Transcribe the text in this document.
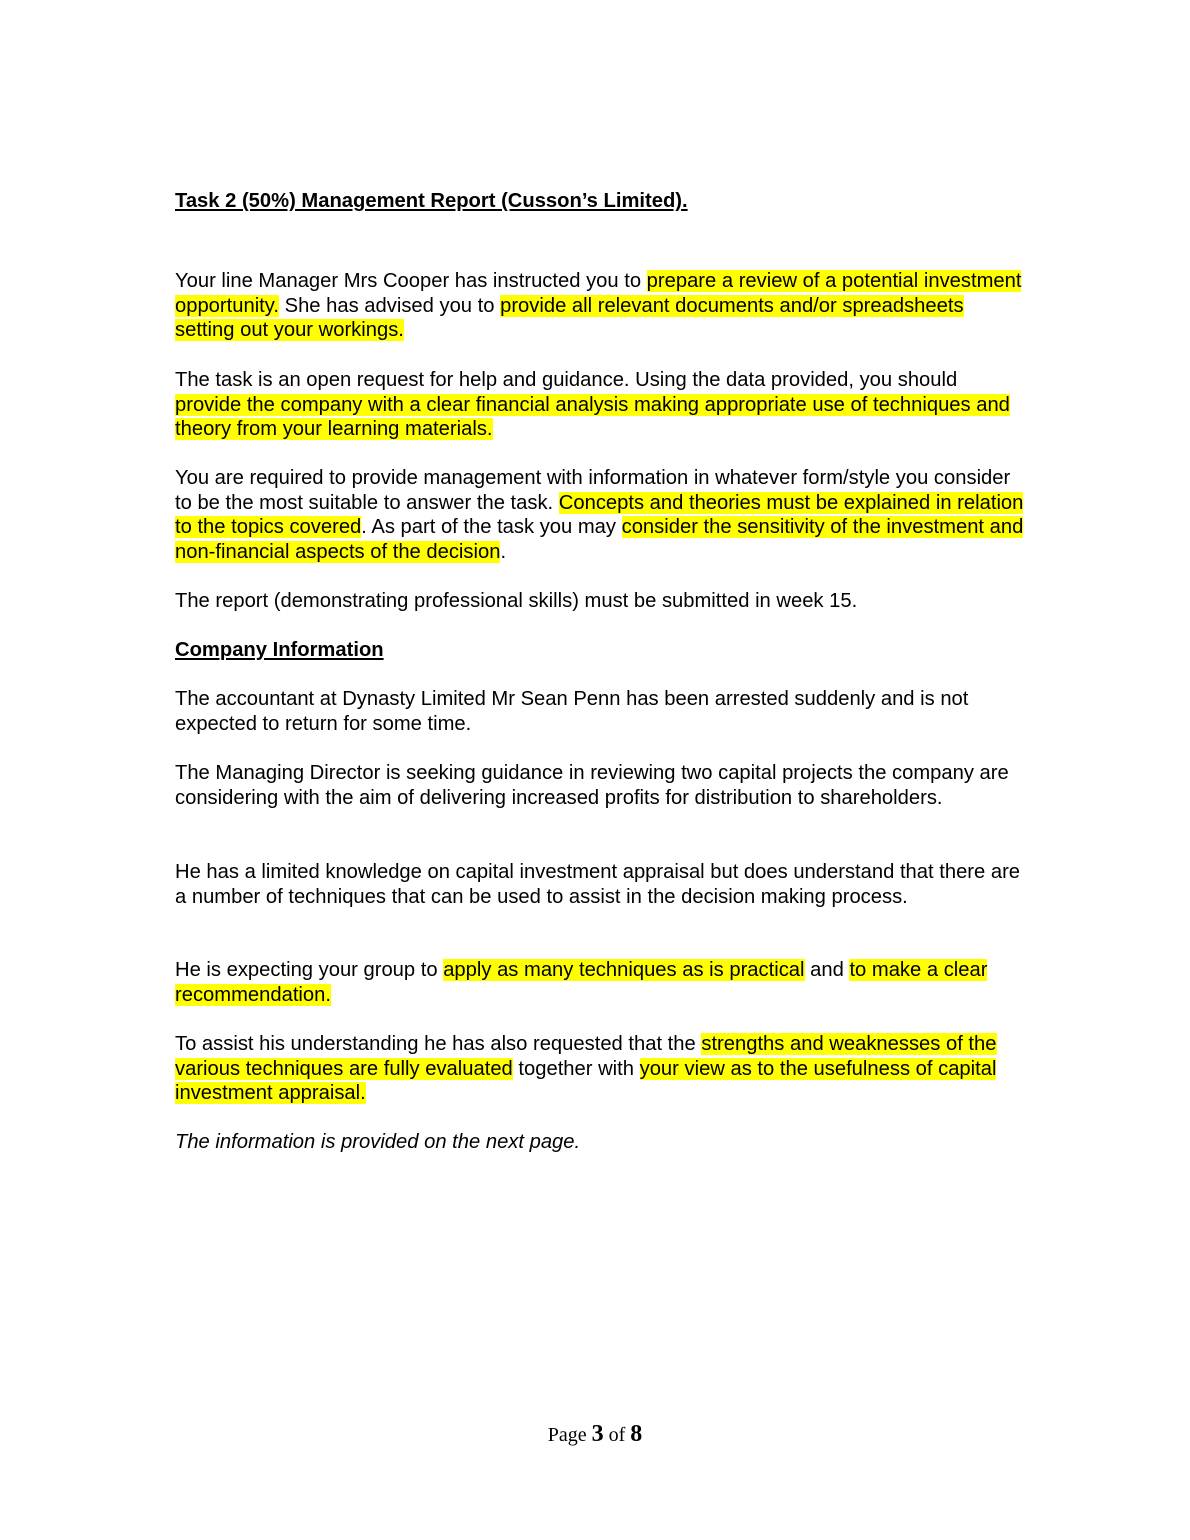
Task 2 (50%) Management Report (Cusson’s Limited).

Your line Manager Mrs Cooper has instructed you to prepare a review of a potential investment opportunity. She has advised you to provide all relevant documents and/or spreadsheets setting out your workings.

The task is an open request for help and guidance. Using the data provided, you should provide the company with a clear financial analysis making appropriate use of techniques and theory from your learning materials.

You are required to provide management with information in whatever form/style you consider to be the most suitable to answer the task. Concepts and theories must be explained in relation to the topics covered. As part of the task you may consider the sensitivity of the investment and non-financial aspects of the decision.

The report (demonstrating professional skills) must be submitted in week 15.

Company Information

The accountant at Dynasty Limited Mr Sean Penn has been arrested suddenly and is not expected to return for some time.

The Managing Director is seeking guidance in reviewing two capital projects the company are considering with the aim of delivering increased profits for distribution to shareholders.

He has a limited knowledge on capital investment appraisal but does understand that there are a number of techniques that can be used to assist in the decision making process.

He is expecting your group to apply as many techniques as is practical and to make a clear recommendation.

To assist his understanding he has also requested that the strengths and weaknesses of the various techniques are fully evaluated together with your view as to the usefulness of capital investment appraisal.

The information is provided on the next page.

Page 3 of 8
